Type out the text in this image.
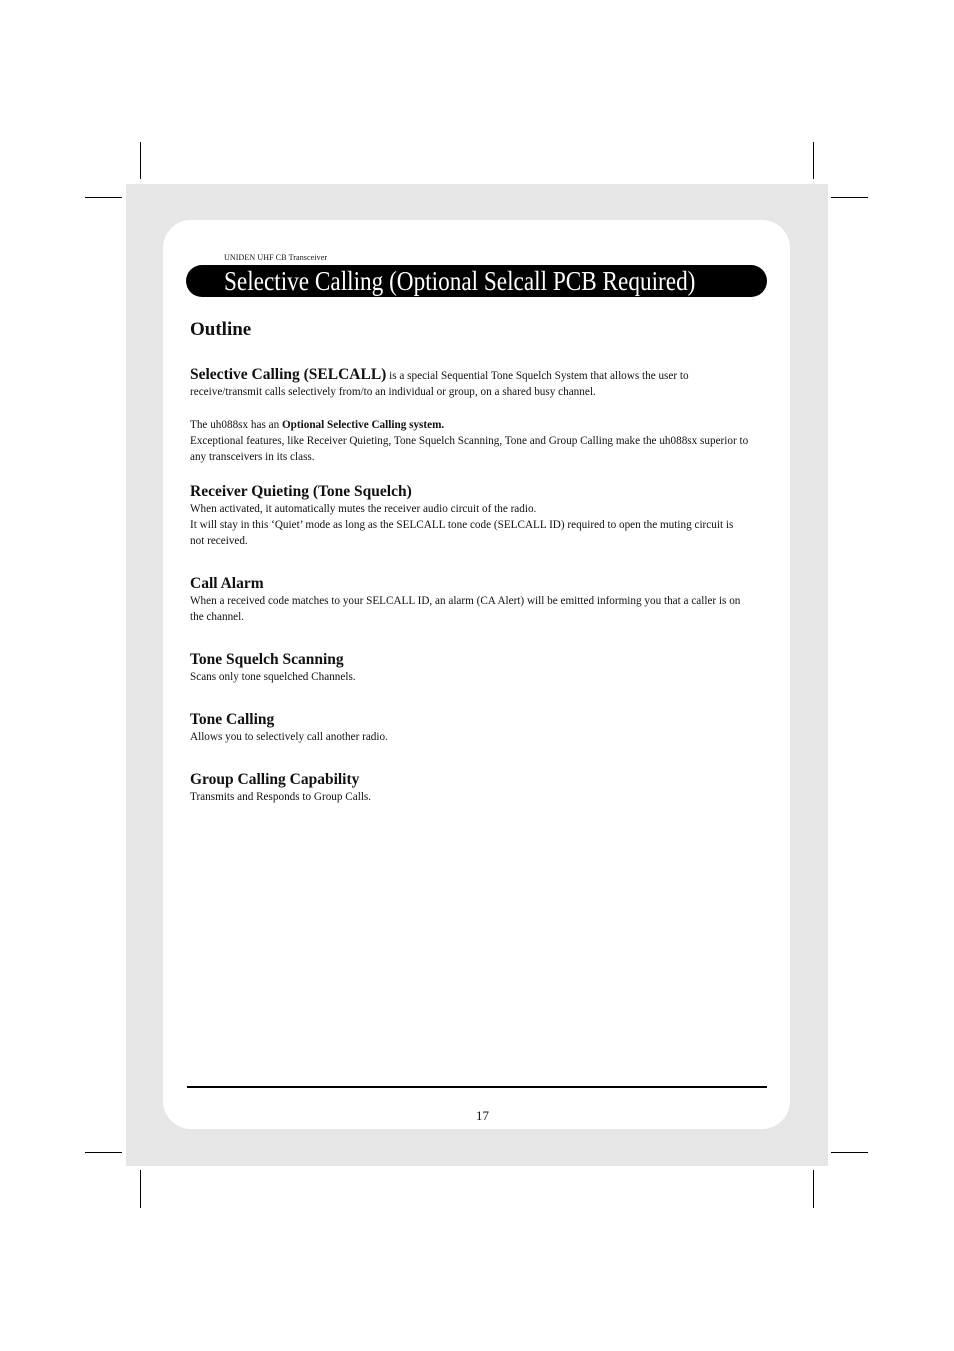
UNIDEN UHF CB Transceiver
Selective Calling (Optional Selcall PCB Required)
Outline

Selective Calling (SELCALL) is a special Sequential Tone Squelch System that allows the user to receive/transmit calls selectively from/to an individual or group, on a shared busy channel.

The uh088sx has an Optional Selective Calling system.

Exceptional features, like Receiver Quieting, Tone Squelch Scanning, Tone and Group Calling make the uh088sx superior to any transceivers in its class.

Receiver Quieting (Tone Squelch)

When activated, it automatically mutes the receiver audio circuit of the radio.

It will stay in this ‘Quiet’ mode as long as the SELCALL tone code (SELCALL ID) required to open the muting circuit is not received.

Call Alarm

When a received code matches to your SELCALL ID, an alarm (CA Alert) will be emitted informing you that a caller is on the channel.

Tone Squelch Scanning

Scans only tone squelched Channels.

Tone Calling

Allows you to selectively call another radio.

Group Calling Capability

Transmits and Responds to Group Calls.

17
